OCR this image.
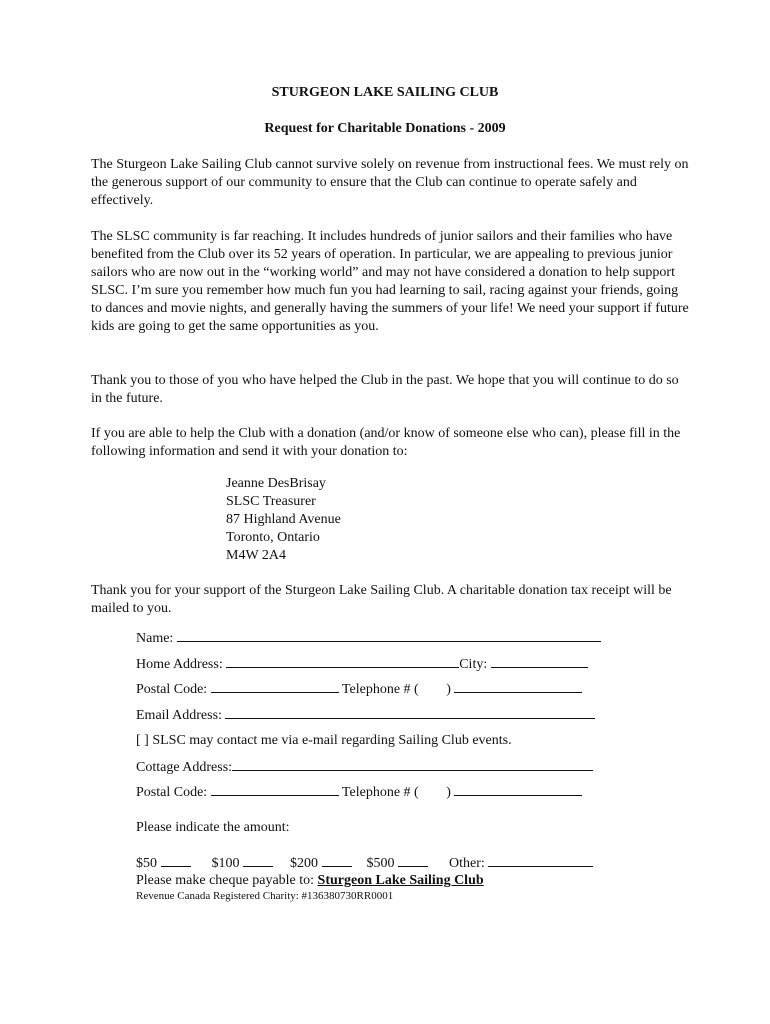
STURGEON LAKE SAILING CLUB
Request for Charitable Donations - 2009

The Sturgeon Lake Sailing Club cannot survive solely on revenue from instructional fees. We must rely on the generous support of our community to ensure that the Club can continue to operate safely and effectively.

The SLSC community is far reaching. It includes hundreds of junior sailors and their families who have benefited from the Club over its 52 years of operation. In particular, we are appealing to previous junior sailors who are now out in the “working world” and may not have considered a donation to help support SLSC. I’m sure you remember how much fun you had learning to sail, racing against your friends, going to dances and movie nights, and generally having the summers of your life! We need your support if future kids are going to get the same opportunities as you.

Thank you to those of you who have helped the Club in the past. We hope that you will continue to do so in the future.

If you are able to help the Club with a donation (and/or know of someone else who can), please fill in the following information and send it with your donation to:

Jeanne DesBrisay
SLSC Treasurer
87 Highland Avenue
Toronto, Ontario
M4W 2A4

Thank you for your support of the Sturgeon Lake Sailing Club. A charitable donation tax receipt will be mailed to you.

Name:
Home Address:	City:
Postal Code:	Telephone # ( )
Email Address:
[ ] SLSC may contact me via e-mail regarding Sailing Club events.
Cottage Address:
Postal Code:	Telephone # ( )
Please indicate the amount:
$50	$100	$200	$500	Other:
Please make cheque payable to: Sturgeon Lake Sailing Club
Revenue Canada Registered Charity: #136380730RR0001
